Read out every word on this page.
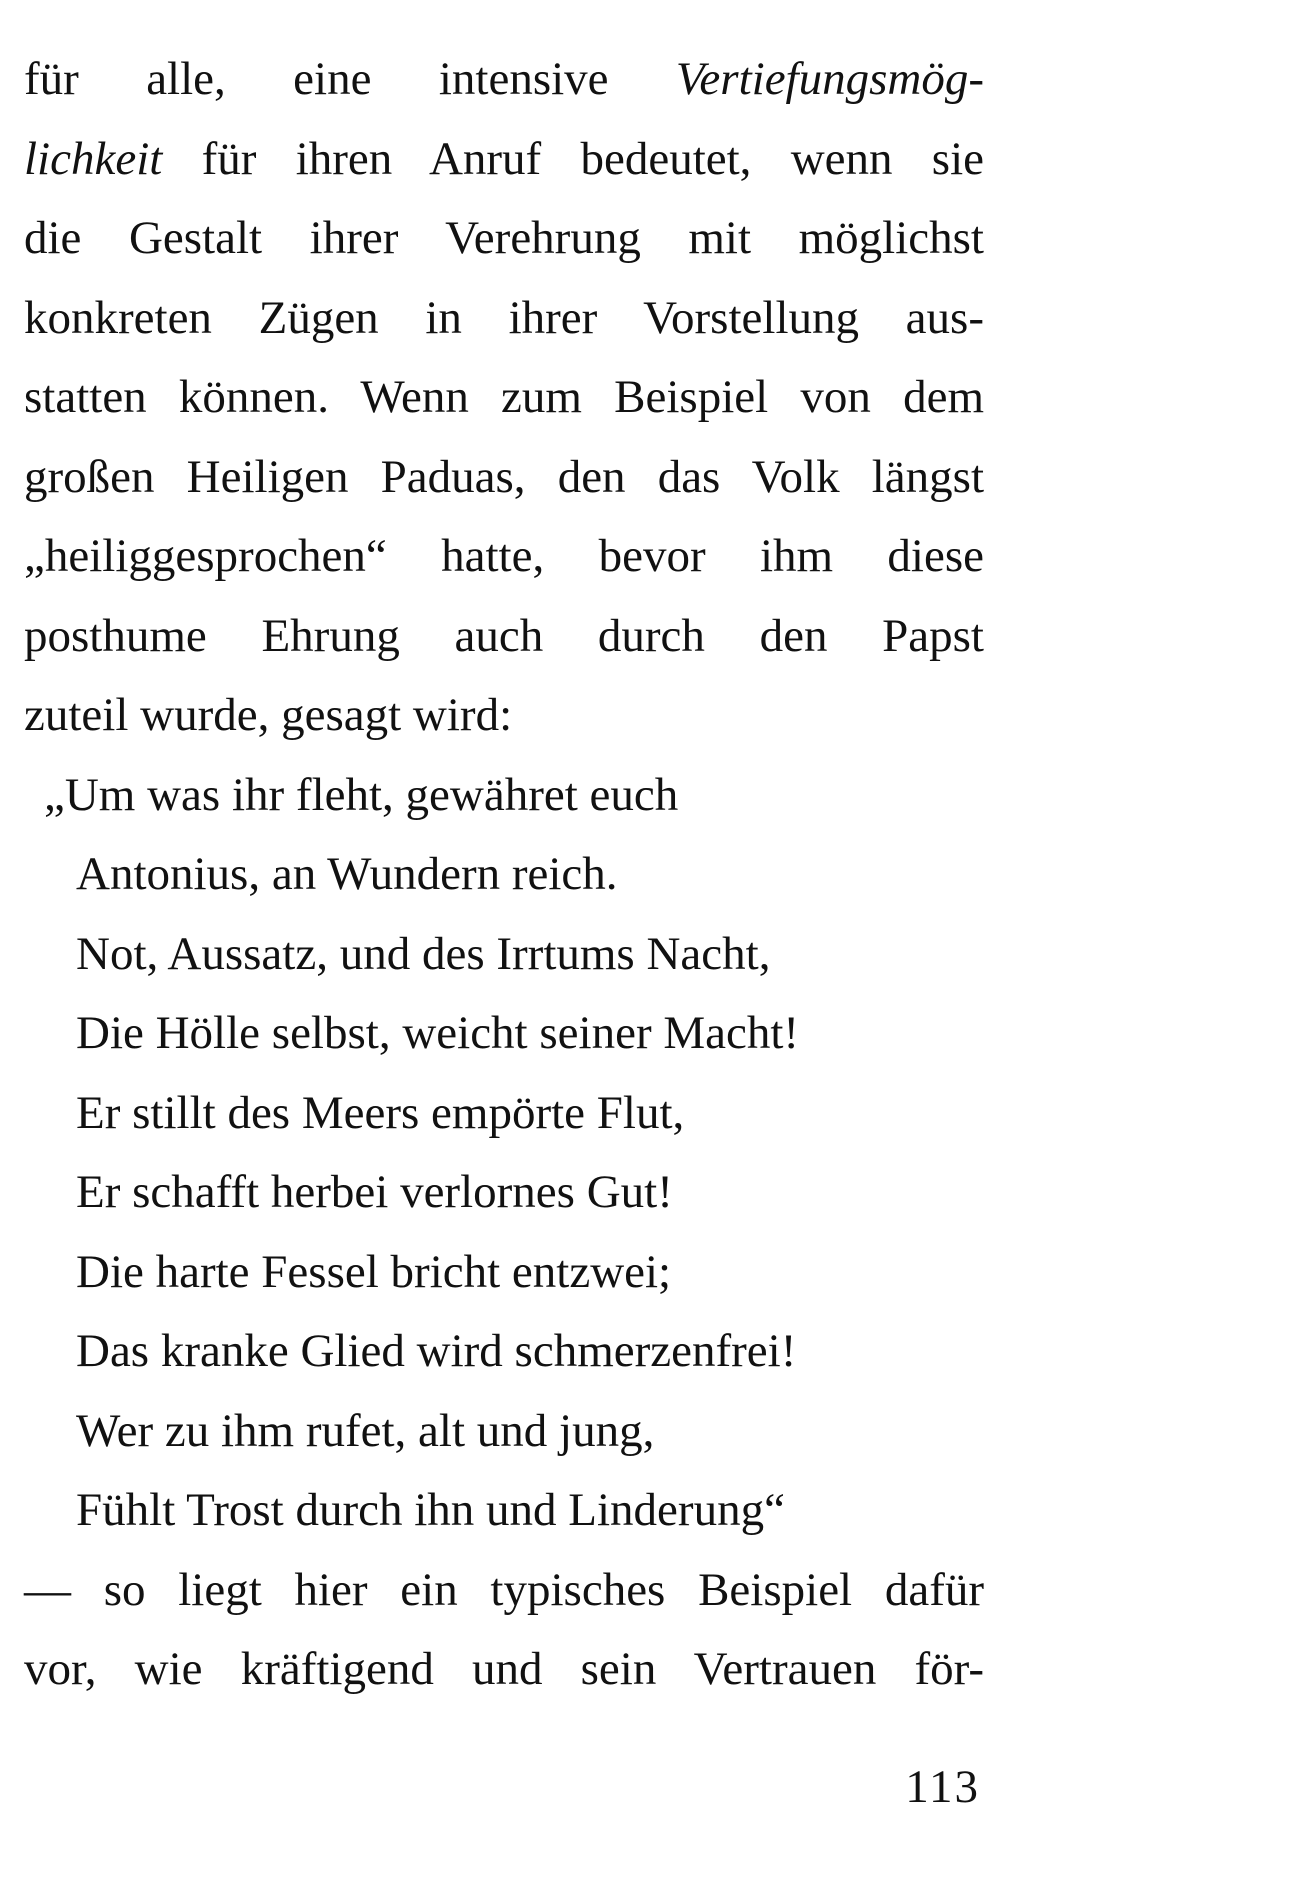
für alle, eine intensive Vertiefungsmög-
lichkeit für ihren Anruf bedeutet, wenn sie
die Gestalt ihrer Verehrung mit möglichst
konkreten Zügen in ihrer Vorstellung aus-
statten können. Wenn zum Beispiel von dem
großen Heiligen Paduas, den das Volk längst
„heiliggesprochen“ hatte, bevor ihm diese
posthume Ehrung auch durch den Papst
zuteil wurde, gesagt wird:
„Um was ihr fleht, gewähret euch
Antonius, an Wundern reich.
Not, Aussatz, und des Irrtums Nacht,
Die Hölle selbst, weicht seiner Macht!
Er stillt des Meers empörte Flut,
Er schafft herbei verlornes Gut!
Die harte Fessel bricht entzwei;
Das kranke Glied wird schmerzenfrei!
Wer zu ihm rufet, alt und jung,
Fühlt Trost durch ihn und Linderung“
— so liegt hier ein typisches Beispiel dafür
vor, wie kräftigend und sein Vertrauen för-
113
